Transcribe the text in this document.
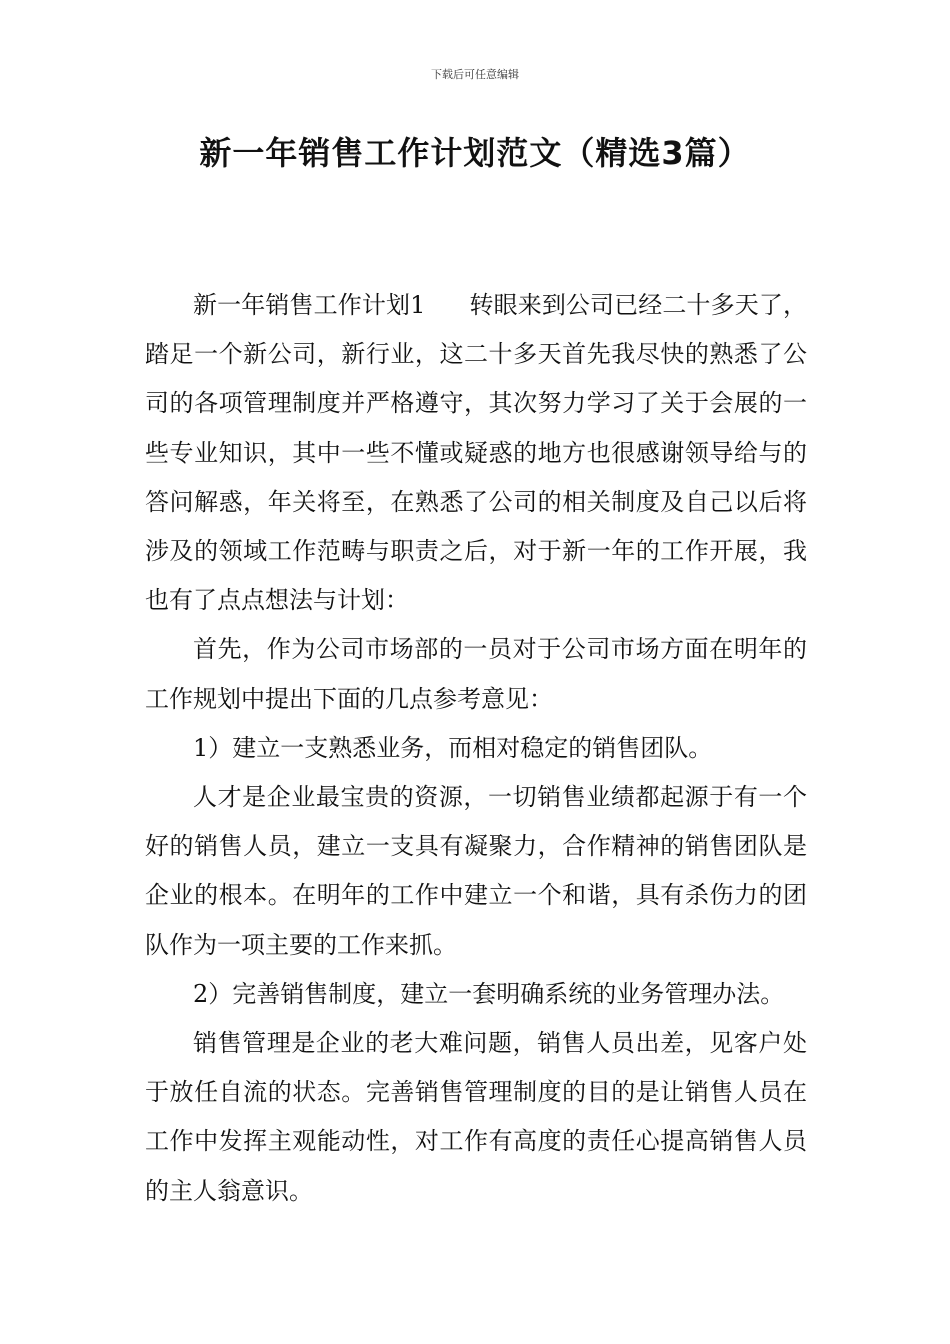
下载后可任意编辑
新一年销售工作计划范文（精选3篇）

新一年销售工作计划1 转眼来到公司已经二十多天了，踏足一个新公司，新行业，这二十多天首先我尽快的熟悉了公司的各项管理制度并严格遵守，其次努力学习了关于会展的一些专业知识，其中一些不懂或疑惑的地方也很感谢领导给与的答问解惑，年关将至，在熟悉了公司的相关制度及自己以后将涉及的领域工作范畴与职责之后，对于新一年的工作开展，我也有了点点想法与计划：

首先，作为公司市场部的一员对于公司市场方面在明年的工作规划中提出下面的几点参考意见：

1）建立一支熟悉业务，而相对稳定的销售团队。

人才是企业最宝贵的资源，一切销售业绩都起源于有一个好的销售人员，建立一支具有凝聚力，合作精神的销售团队是企业的根本。在明年的工作中建立一个和谐，具有杀伤力的团队作为一项主要的工作来抓。

2）完善销售制度，建立一套明确系统的业务管理办法。

销售管理是企业的老大难问题，销售人员出差，见客户处于放任自流的状态。完善销售管理制度的目的是让销售人员在工作中发挥主观能动性，对工作有高度的责任心提高销售人员的主人翁意识。
